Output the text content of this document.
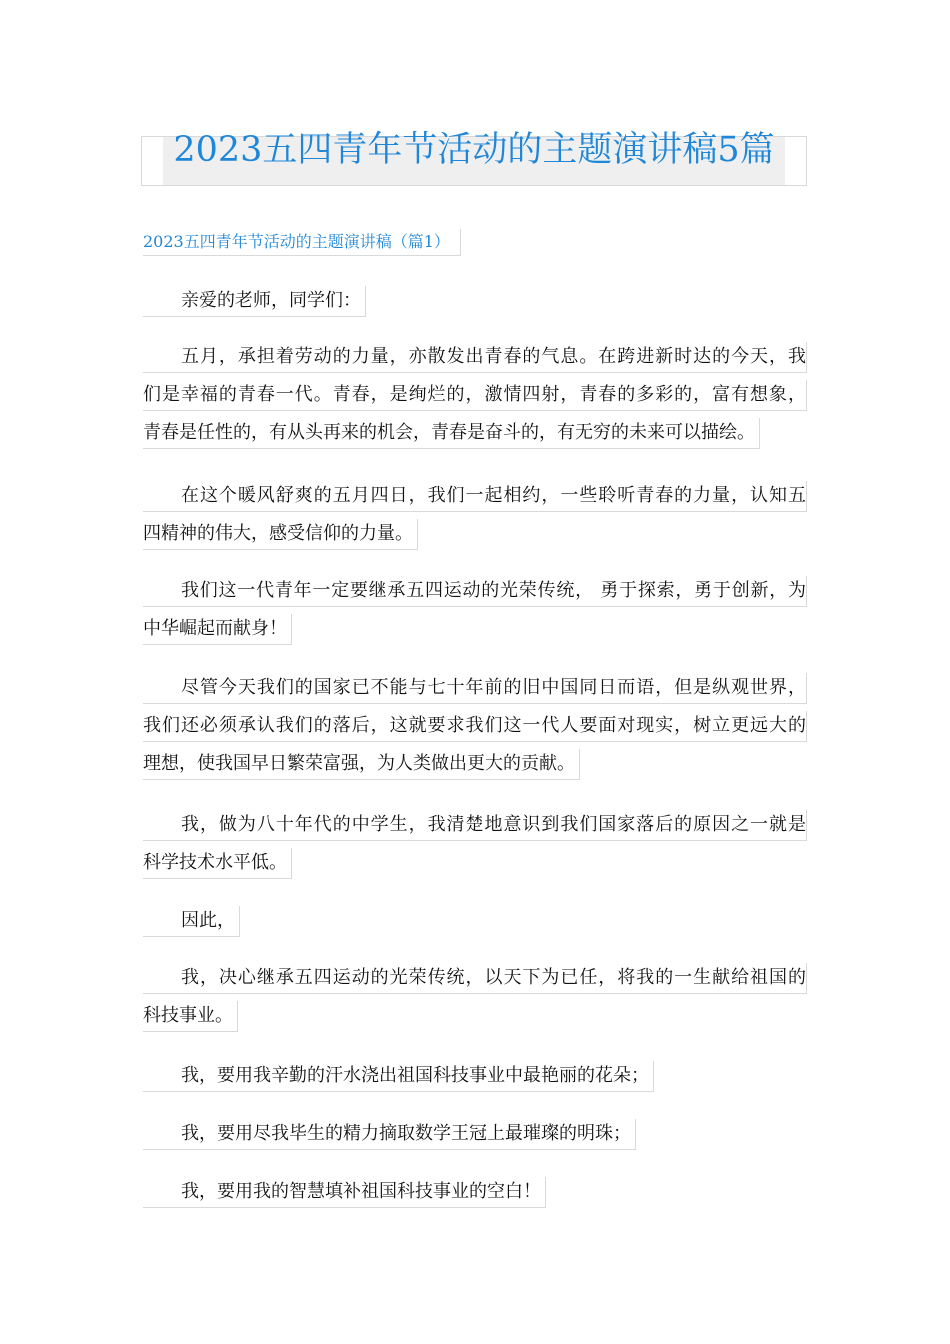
2023五四青年节活动的主题演讲稿5篇
2023五四青年节活动的主题演讲稿（篇1）
亲爱的老师，同学们：
五月，承担着劳动的力量，亦散发出青春的气息。在跨进新时达的今天，我
们是幸福的青春一代。青春，是绚烂的，激情四射，青春的多彩的，富有想象，
青春是任性的，有从头再来的机会，青春是奋斗的，有无穷的未来可以描绘。
在这个暖风舒爽的五月四日，我们一起相约，一些聆听青春的力量，认知五
四精神的伟大，感受信仰的力量。
我们这一代青年一定要继承五四运动的光荣传统， 勇于探索，勇于创新，为
中华崛起而献身！
尽管今天我们的国家已不能与七十年前的旧中国同日而语，但是纵观世界，
我们还必须承认我们的落后，这就要求我们这一代人要面对现实，树立更远大的
理想，使我国早日繁荣富强，为人类做出更大的贡献。
我，做为八十年代的中学生，我清楚地意识到我们国家落后的原因之一就是
科学技术水平低。
因此，
我，决心继承五四运动的光荣传统，以天下为已任，将我的一生献给祖国的
科技事业。
我，要用我辛勤的汗水浇出祖国科技事业中最艳丽的花朵；
我，要用尽我毕生的精力摘取数学王冠上最璀璨的明珠；
我，要用我的智慧填补祖国科技事业的空白！
